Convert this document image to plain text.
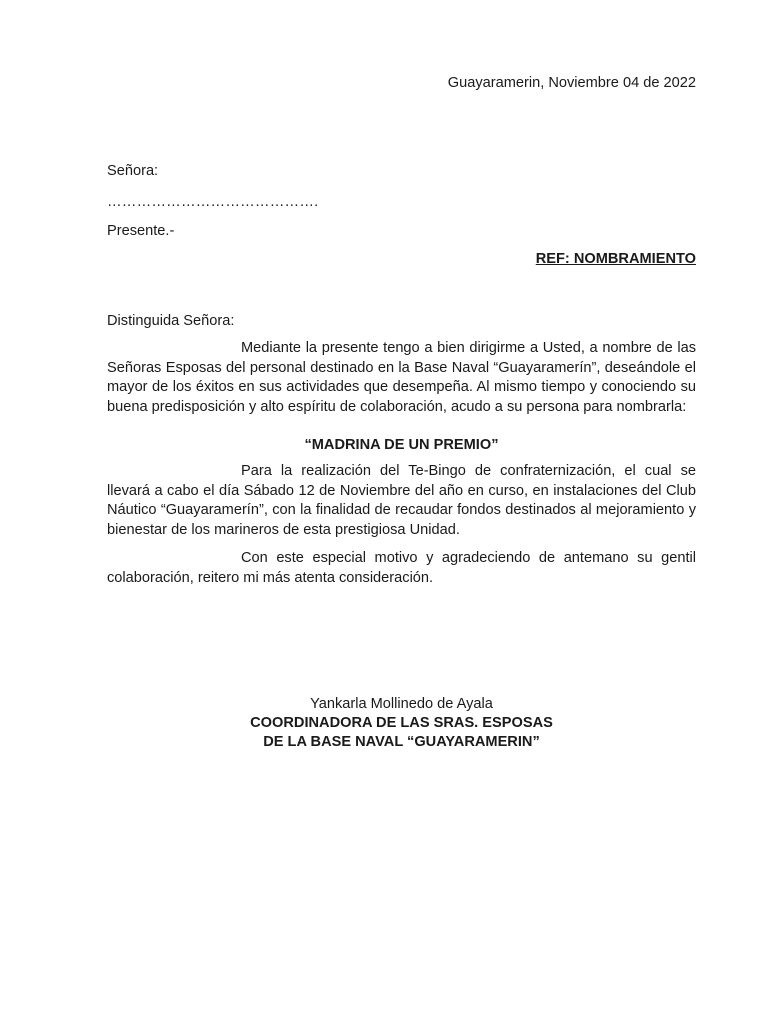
Guayaramerin, Noviembre 04 de 2022
Señora:
…………………………………….
Presente.-
REF: NOMBRAMIENTO
Distinguida Señora:

Mediante la presente tengo a bien dirigirme a Usted, a nombre de las Señoras Esposas del personal destinado en la Base Naval “Guayaramerín”, deseándole el mayor de los éxitos en sus actividades que desempeña. Al mismo tiempo y conociendo su buena predisposición y alto espíritu de colaboración, acudo a su persona para nombrarla:

“MADRINA DE UN PREMIO”

Para la realización del Te-Bingo de confraternización, el cual se llevará a cabo el día Sábado 12 de Noviembre del año en curso, en instalaciones del Club Náutico “Guayaramerín”, con la finalidad de recaudar fondos destinados al mejoramiento y bienestar de los marineros de esta prestigiosa Unidad.

Con este especial motivo y agradeciendo de antemano su gentil colaboración, reitero mi más atenta consideración.

Yankarla Mollinedo de Ayala
COORDINADORA DE LAS SRAS. ESPOSAS
DE LA BASE NAVAL “GUAYARAMERIN”
